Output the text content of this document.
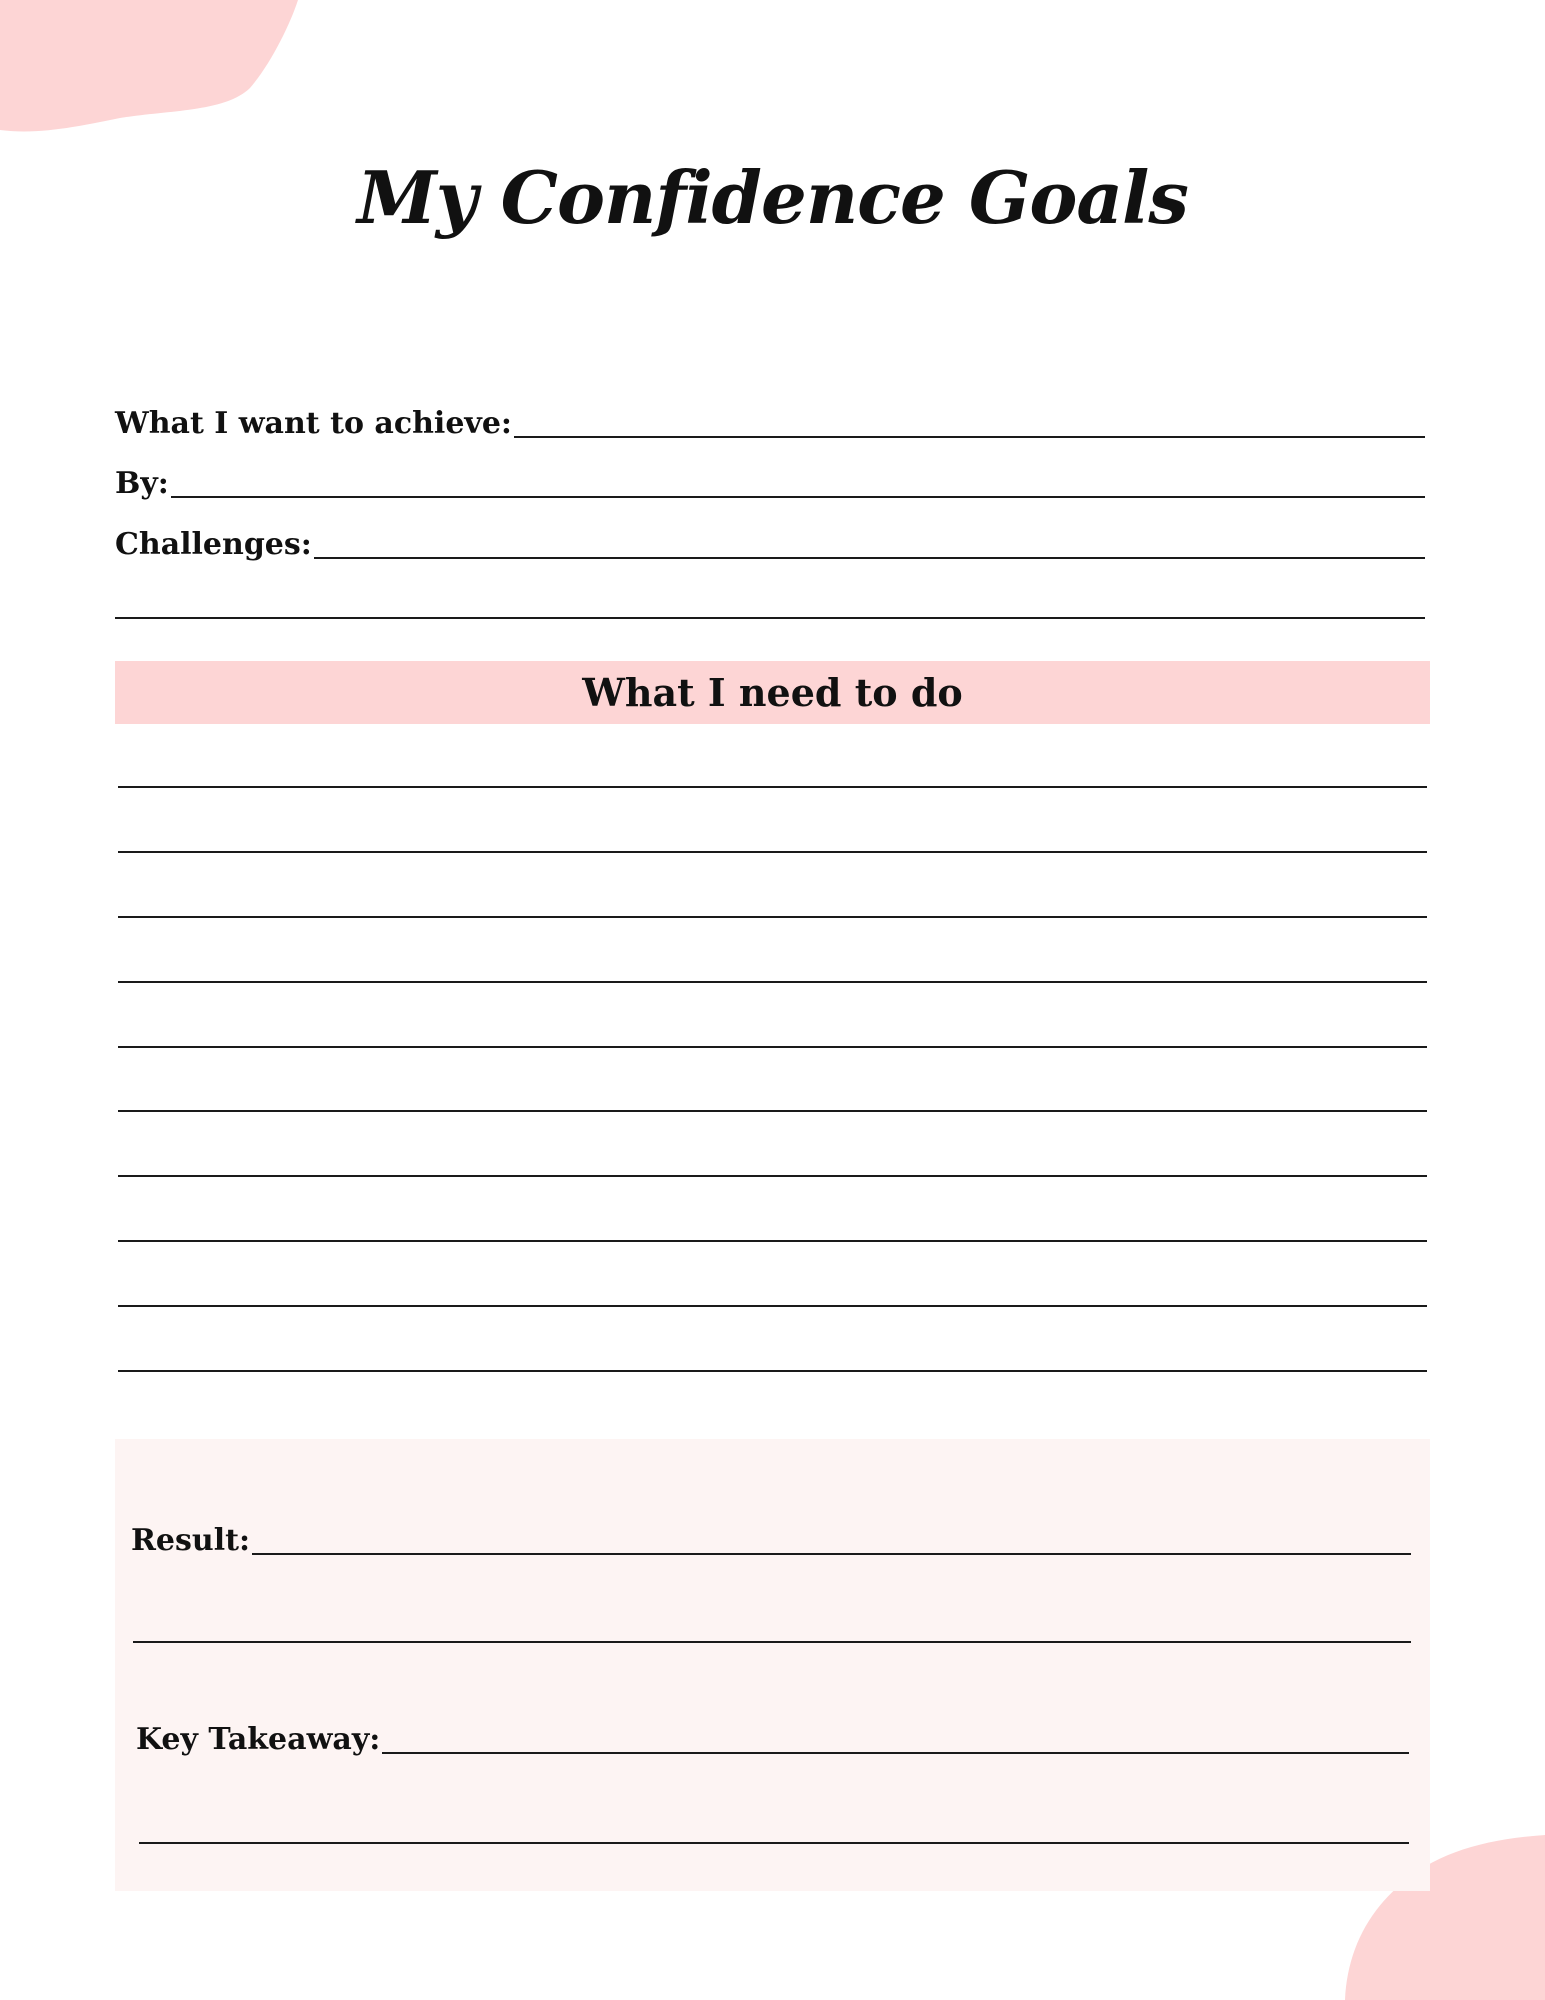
My Confidence Goals
What I want to achieve:
By:
Challenges:
What I need to do
Result:
Key Takeaway:
